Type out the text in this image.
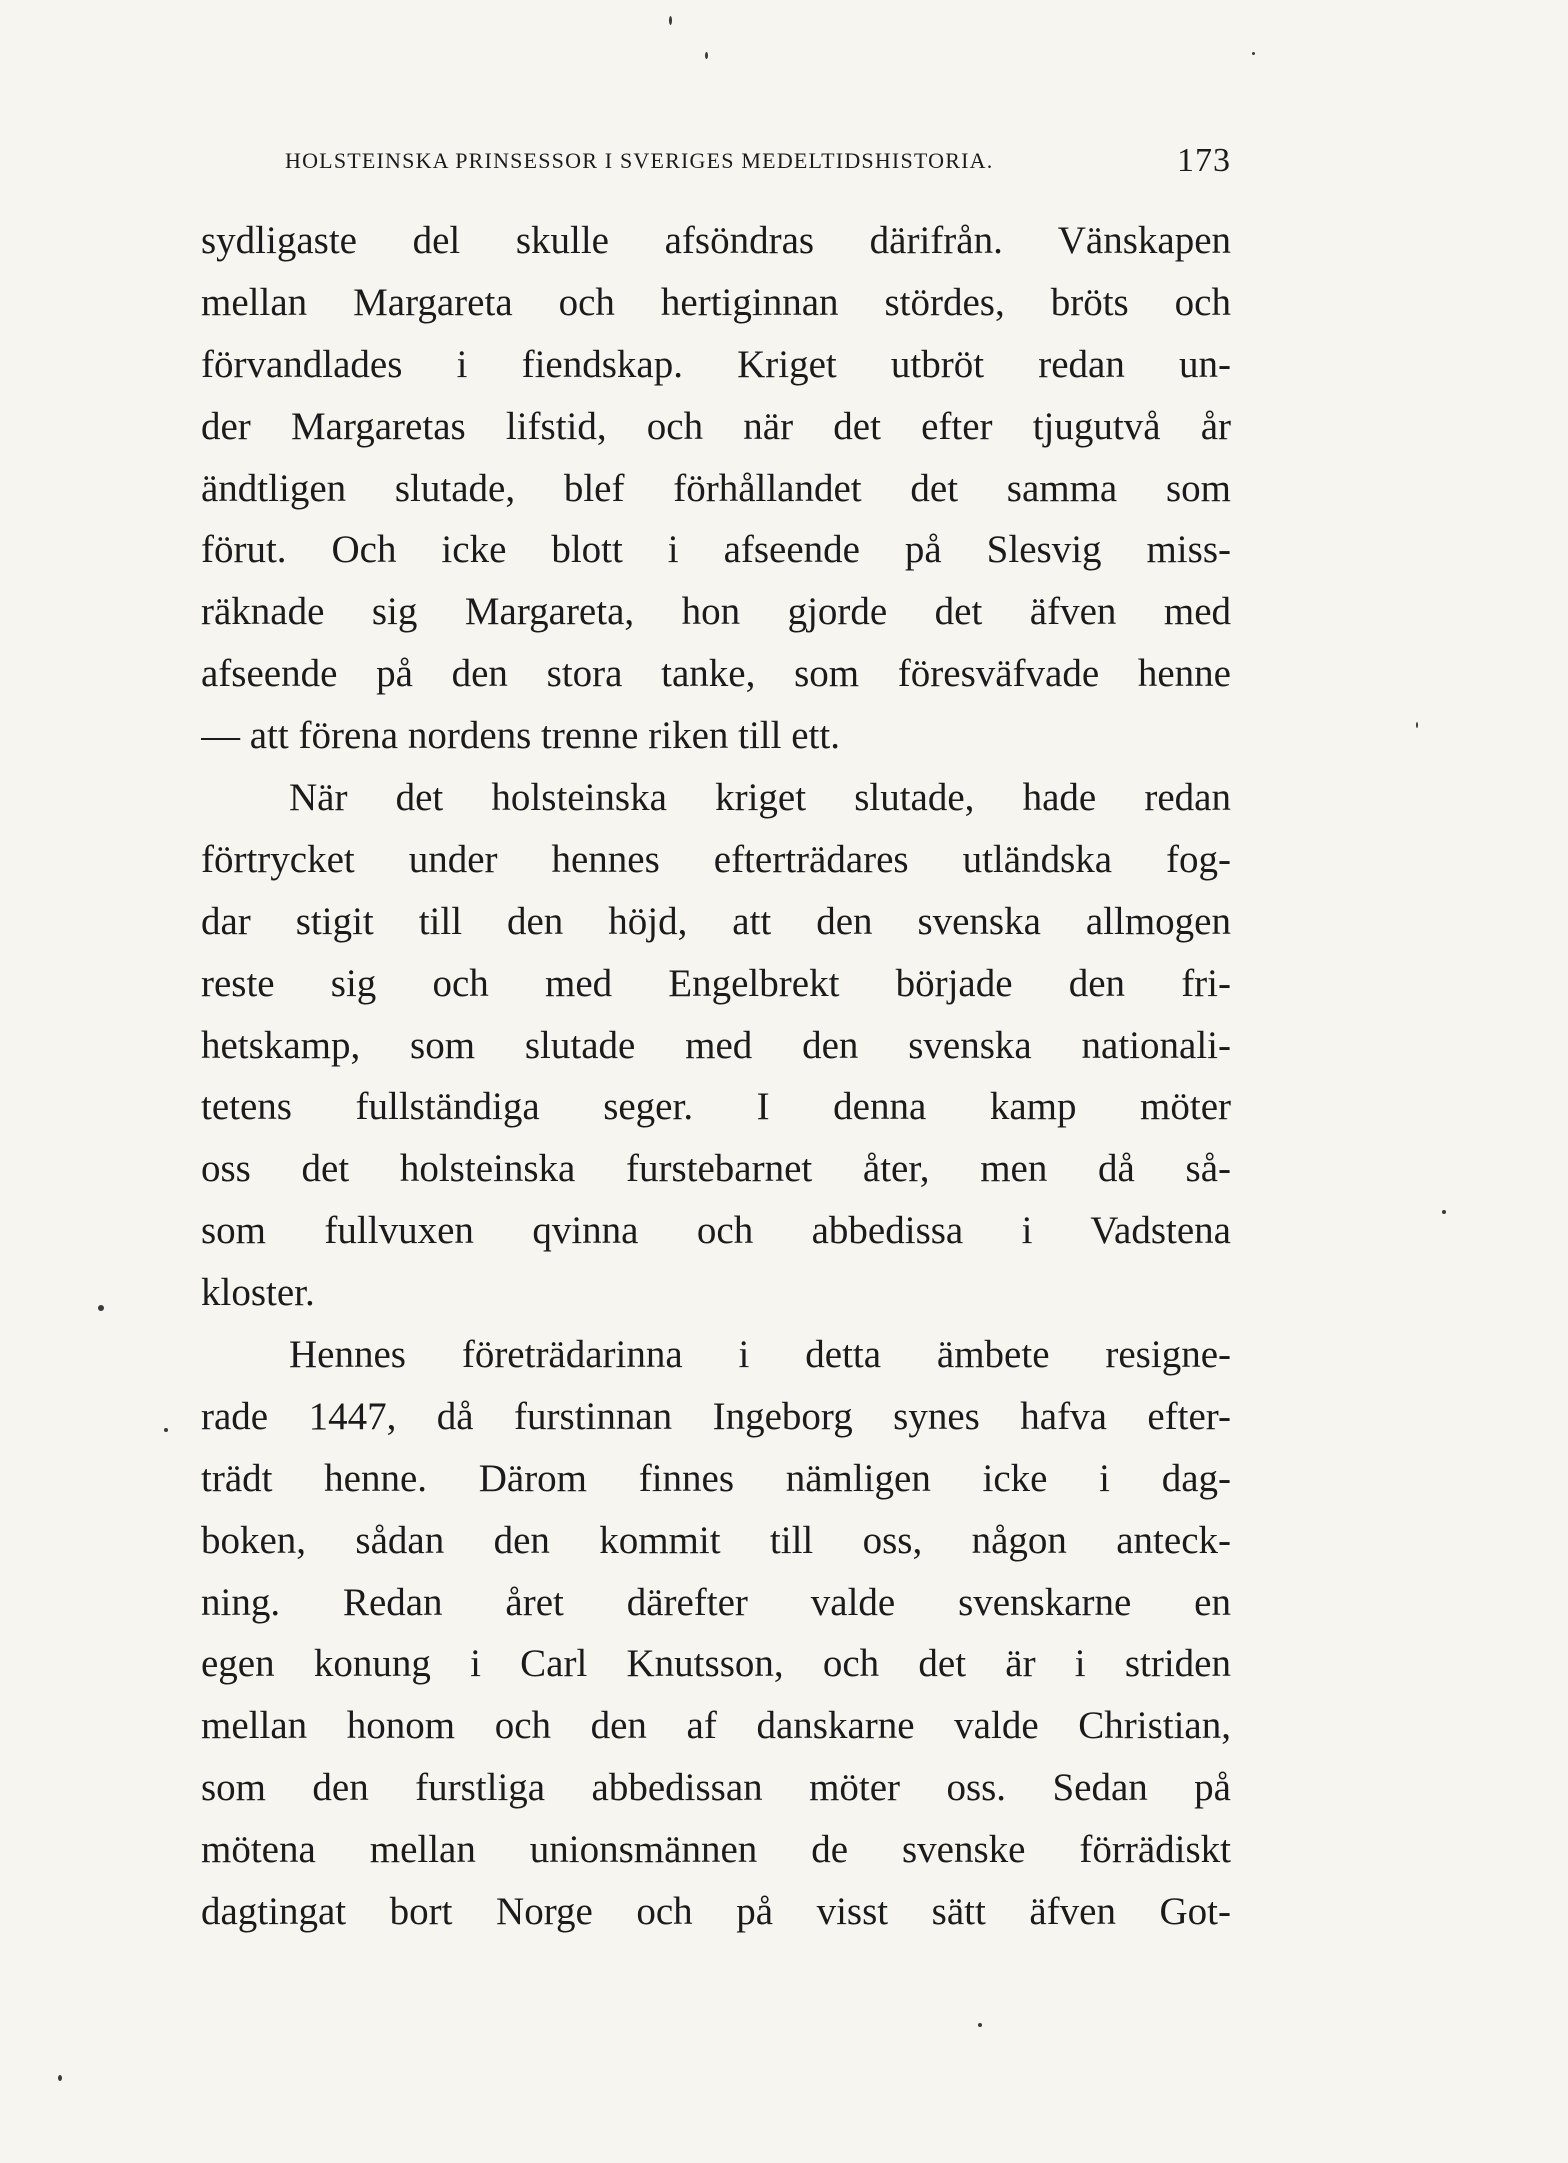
HOLSTEINSKA PRINSESSOR I SVERIGES MEDELTIDSHISTORIA.	173
sydligaste del skulle afsöndras därifrån. Vänskapen
mellan Margareta och hertiginnan stördes, bröts och
förvandlades i fiendskap. Kriget utbröt redan un-
der Margaretas lifstid, och när det efter tjugutvå år
ändtligen slutade, blef förhållandet det samma som
förut. Och icke blott i afseende på Slesvig miss-
räknade sig Margareta, hon gjorde det äfven med
afseende på den stora tanke, som föresväfvade henne
— att förena nordens trenne riken till ett.
När det holsteinska kriget slutade, hade redan
förtrycket under hennes efterträdares utländska fog-
dar stigit till den höjd, att den svenska allmogen
reste sig och med Engelbrekt började den fri-
hetskamp, som slutade med den svenska nationali-
tetens fullständiga seger. I denna kamp möter
oss det holsteinska furstebarnet åter, men då så-
som fullvuxen qvinna och abbedissa i Vadstena
kloster.
Hennes företrädarinna i detta ämbete resigne-
rade 1447, då furstinnan Ingeborg synes hafva efter-
trädt henne. Därom finnes nämligen icke i dag-
boken, sådan den kommit till oss, någon anteck-
ning. Redan året därefter valde svenskarne en
egen konung i Carl Knutsson, och det är i striden
mellan honom och den af danskarne valde Christian,
som den furstliga abbedissan möter oss. Sedan på
mötena mellan unionsmännen de svenske förrädiskt
dagtingat bort Norge och på visst sätt äfven Got-
